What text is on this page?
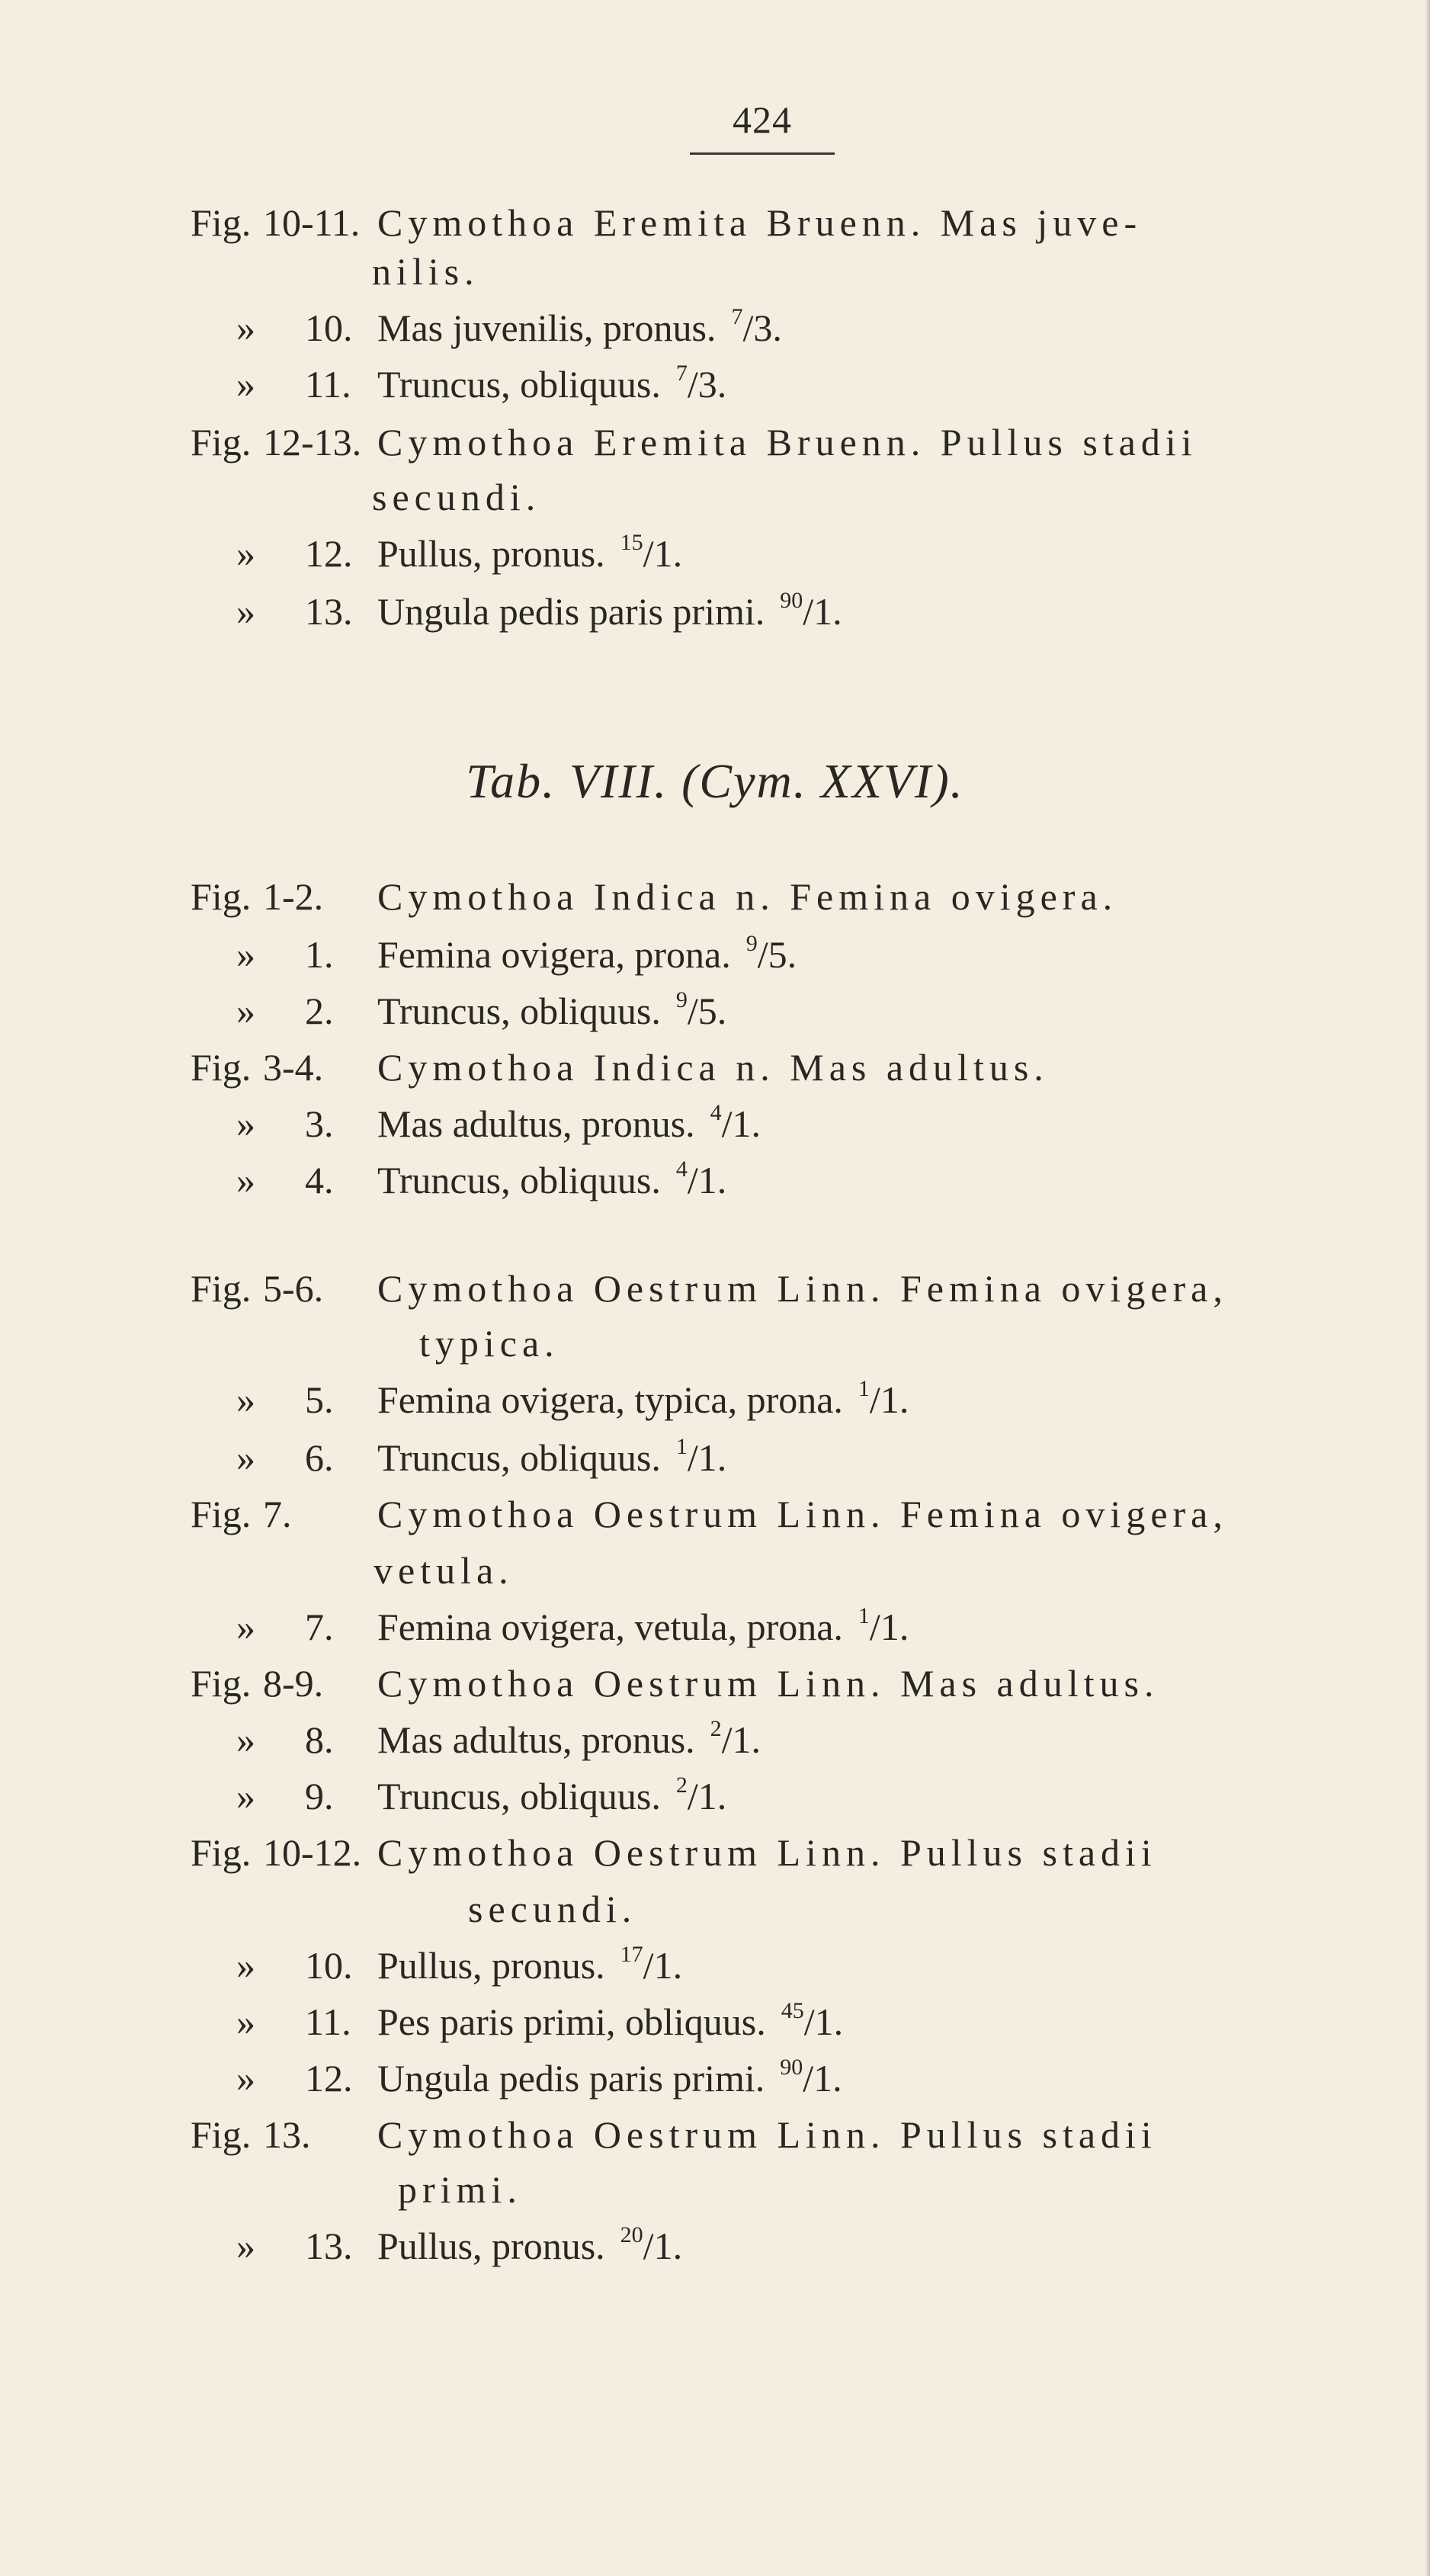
424
Tab. VIII. (Cym. XXVI).
Fig. 10-11. Cymothoa Eremita Bruenn. Mas juve-
nilis.
» 10. Mas juvenilis, pronus. $^7$/3.
» 11. Truncus, obliquus. $^7$/3.
Fig. 12-13. Cymothoa Eremita Bruenn. Pullus stadii
secundi.
» 12. Pullus, pronus. $^{15}$/1.
» 13. Ungula pedis paris primi. $^{90}$/1.
Fig. 1-2. Cymothoa Indica n. Femina ovigera.
» 1. Femina ovigera, prona. $^9$/5.
» 2. Truncus, obliquus. $^9$/5.
Fig. 3-4. Cymothoa Indica n. Mas adultus.
» 3. Mas adultus, pronus. $^4$/1.
» 4. Truncus, obliquus. $^4$/1.
Fig. 5-6. Cymothoa Oestrum Linn. Femina ovigera,
typica.
» 5. Femina ovigera, typica, prona. $^1$/1.
» 6. Truncus, obliquus. $^1$/1.
Fig. 7. Cymothoa Oestrum Linn. Femina ovigera,
vetula.
» 7. Femina ovigera, vetula, prona. $^1$/1.
Fig. 8-9. Cymothoa Oestrum Linn. Mas adultus.
» 8. Mas adultus, pronus. $^2$/1.
» 9. Truncus, obliquus. $^2$/1.
Fig. 10-12. Cymothoa Oestrum Linn. Pullus stadii
secundi.
» 10. Pullus, pronus. $^{17}$/1.
» 11. Pes paris primi, obliquus. $^{45}$/1.
» 12. Ungula pedis paris primi. $^{90}$/1.
Fig. 13. Cymothoa Oestrum Linn. Pullus stadii
primi.
» 13. Pullus, pronus. $^{20}$/1.
